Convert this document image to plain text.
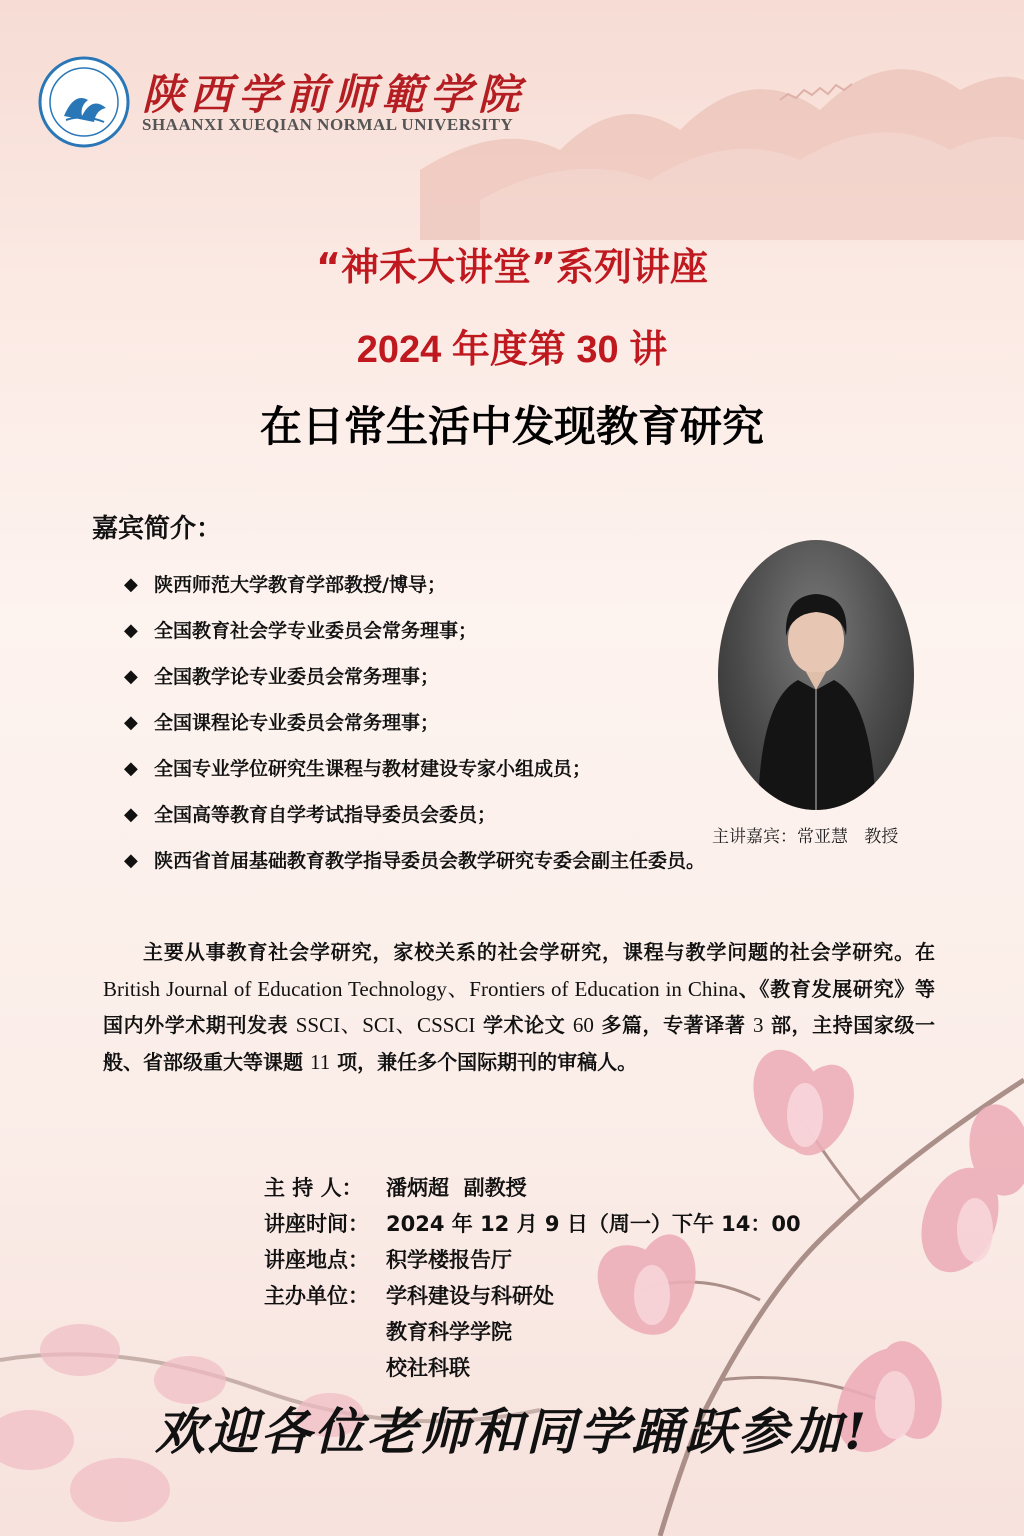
陕西学前师範学院
SHAANXI XUEQIAN NORMAL UNIVERSITY
“神禾大讲堂”系列讲座
2024 年度第 30 讲
在日常生活中发现教育研究
嘉宾简介：
◆ 陕西师范大学教育学部教授/博导；
◆ 全国教育社会学专业委员会常务理事；
◆ 全国教学论专业委员会常务理事；
◆ 全国课程论专业委员会常务理事；
◆ 全国专业学位研究生课程与教材建设专家小组成员；
◆ 全国高等教育自学考试指导委员会委员；
◆ 陕西省首届基础教育教学指导委员会教学研究专委会副主任委员。
主讲嘉宾：常亚慧   教授
主要从事教育社会学研究，家校关系的社会学研究，课程与教学问题的社会学研究。在 British Journal of Education Technology、Frontiers of Education in China、《教育发展研究》等国内外学术期刊发表 SSCI、SCI、CSSCI 学术论文 60 多篇，专著译著 3 部，主持国家级一般、省部级重大等课题 11 项，兼任多个国际期刊的审稿人。
主 持 人：	潘炳超  副教授
讲座时间： 2024 年 12 月 9 日（周一）下午 14：00
讲座地点： 积学楼报告厅
主办单位： 学科建设与科研处
教育科学学院
校社科联
欢迎各位老师和同学踊跃参加!
